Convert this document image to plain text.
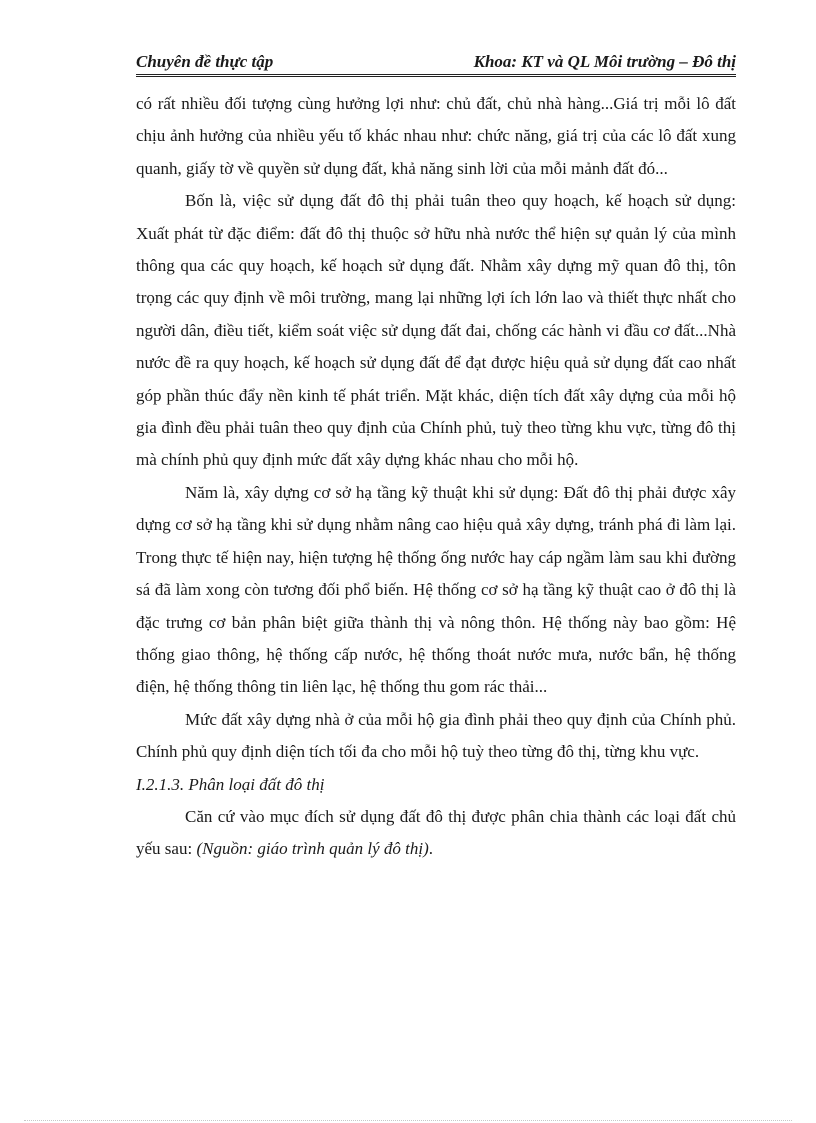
Chuyên đề thực tập	Khoa: KT và QL Môi trường – Đô thị

có rất nhiều đối tượng cùng hưởng lợi như: chủ đất, chủ nhà hàng...Giá trị mỗi lô đất chịu ảnh hưởng của nhiều yếu tố khác nhau như: chức năng, giá trị của các lô đất xung quanh, giấy tờ về quyền sử dụng đất, khả năng sinh lời của mỗi mảnh đất đó...

Bốn là, việc sử dụng đất đô thị phải tuân theo quy hoạch, kế hoạch sử dụng: Xuất phát từ đặc điểm: đất đô thị thuộc sở hữu nhà nước thể hiện sự quản lý của mình thông qua các quy hoạch, kế hoạch sử dụng đất. Nhằm xây dựng mỹ quan đô thị, tôn trọng các quy định về môi trường, mang lại những lợi ích lớn lao và thiết thực nhất cho người dân, điều tiết, kiểm soát việc sử dụng đất đai, chống các hành vi đầu cơ đất...Nhà nước đề ra quy hoạch, kế hoạch sử dụng đất để đạt được hiệu quả sử dụng đất cao nhất góp phần thúc đẩy nền kinh tế phát triển. Mặt khác, diện tích đất xây dựng của mỗi hộ gia đình đều phải tuân theo quy định của Chính phủ, tuỳ theo từng khu vực, từng đô thị mà chính phủ quy định mức đất xây dựng khác nhau cho mỗi hộ.

Năm là, xây dựng cơ sở hạ tầng kỹ thuật khi sử dụng: Đất đô thị phải được xây dựng cơ sở hạ tầng khi sử dụng nhằm nâng cao hiệu quả xây dựng, tránh phá đi làm lại. Trong thực tế hiện nay, hiện tượng hệ thống ống nước hay cáp ngầm làm sau khi đường sá đã làm xong còn tương đối phổ biến. Hệ thống cơ sở hạ tầng kỹ thuật cao ở đô thị là đặc trưng cơ bản phân biệt giữa thành thị và nông thôn. Hệ thống này bao gồm: Hệ thống giao thông, hệ thống cấp nước, hệ thống thoát nước mưa, nước bẩn, hệ thống điện, hệ thống thông tin liên lạc, hệ thống thu gom rác thải...

Mức đất xây dựng nhà ở của mỗi hộ gia đình phải theo quy định của Chính phủ. Chính phủ quy định diện tích tối đa cho mỗi hộ tuỳ theo từng đô thị, từng khu vực.

I.2.1.3. Phân loại đất đô thị

Căn cứ vào mục đích sử dụng đất đô thị được phân chia thành các loại đất chủ yếu sau: (Nguồn: giáo trình quản lý đô thị).
